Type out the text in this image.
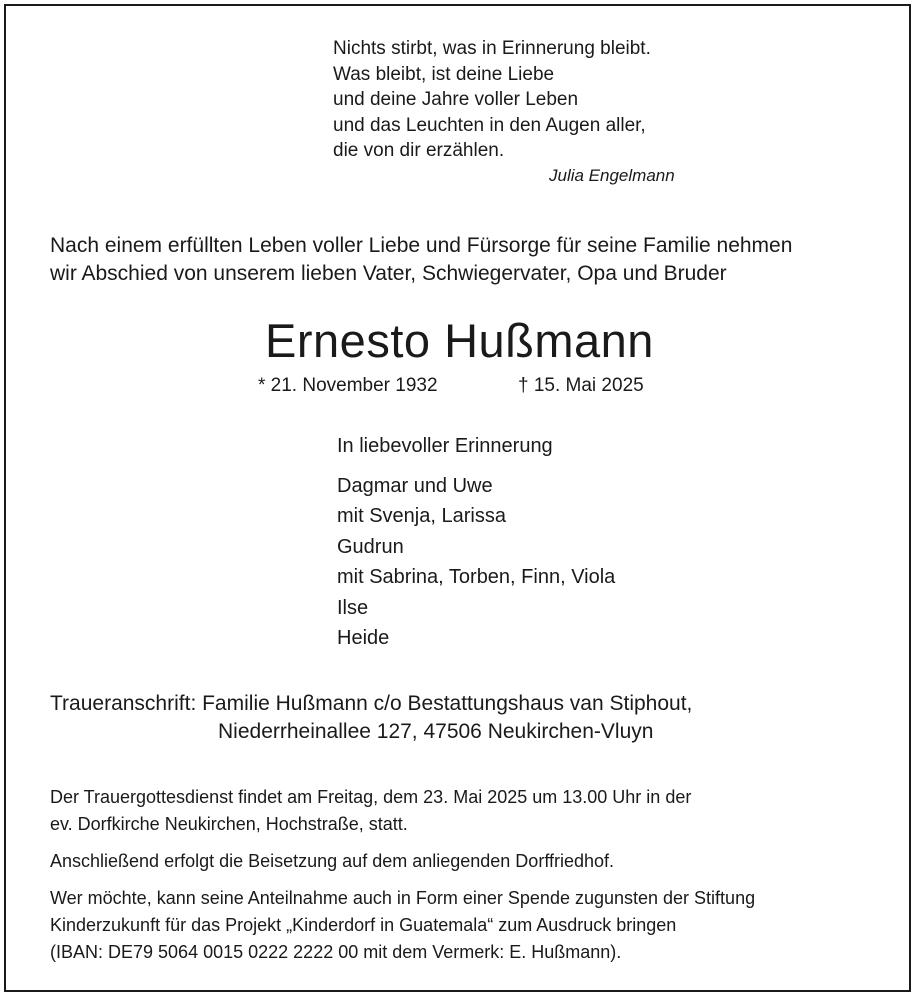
Nichts stirbt, was in Erinnerung bleibt.
Was bleibt, ist deine Liebe
und deine Jahre voller Leben
und das Leuchten in den Augen aller,
die von dir erzählen.
Julia Engelmann
Nach einem erfüllten Leben voller Liebe und Fürsorge für seine Familie nehmen
wir Abschied von unserem lieben Vater, Schwiegervater, Opa und Bruder
Ernesto Hußmann
* 21. November 1932	† 15. Mai 2025
In liebevoller Erinnerung
Dagmar und Uwe
mit Svenja, Larissa
Gudrun
mit Sabrina, Torben, Finn, Viola
Ilse
Heide
Traueranschrift: Familie Hußmann c/o Bestattungshaus van Stiphout,
Niederrheinallee 127, 47506 Neukirchen-Vluyn
Der Trauergottesdienst findet am Freitag, dem 23. Mai 2025 um 13.00 Uhr in der
ev. Dorfkirche Neukirchen, Hochstraße, statt.
Anschließend erfolgt die Beisetzung auf dem anliegenden Dorffriedhof.
Wer möchte, kann seine Anteilnahme auch in Form einer Spende zugunsten der Stiftung
Kinderzukunft für das Projekt „Kinderdorf in Guatemala“ zum Ausdruck bringen
(IBAN: DE79 5064 0015 0222 2222 00 mit dem Vermerk: E. Hußmann).
